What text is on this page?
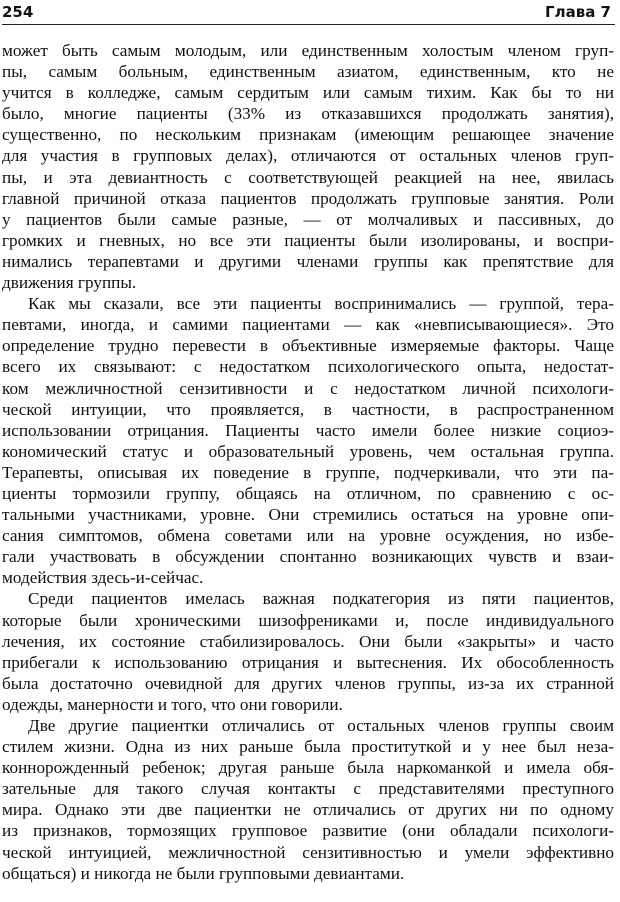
254	Глава 7
может быть самым молодым, или единственным холостым членом груп-
пы, самым больным, единственным азиатом, единственным, кто не
учится в колледже, самым сердитым или самым тихим. Как бы то ни
было, многие пациенты (33% из отказавшихся продолжать занятия),
существенно, по нескольким признакам (имеющим решающее значение
для участия в групповых делах), отличаются от остальных членов груп-
пы, и эта девиантность с соответствующей реакцией на нее, явилась
главной причиной отказа пациентов продолжать групповые занятия. Роли
у пациентов были самые разные, — от молчаливых и пассивных, до
громких и гневных, но все эти пациенты были изолированы, и воспри-
нимались терапевтами и другими членами группы как препятствие для
движения группы.
Как мы сказали, все эти пациенты воспринимались — группой, тера-
певтами, иногда, и самими пациентами — как «невписывающиеся». Это
определение трудно перевести в объективные измеряемые факторы. Чаще
всего их связывают: с недостатком психологического опыта, недостат-
ком межличностной сензитивности и с недостатком личной психологи-
ческой интуиции, что проявляется, в частности, в распространенном
использовании отрицания. Пациенты часто имели более низкие социоэ-
кономический статус и образовательный уровень, чем остальная группа.
Терапевты, описывая их поведение в группе, подчеркивали, что эти па-
циенты тормозили группу, общаясь на отличном, по сравнению с ос-
тальными участниками, уровне. Они стремились остаться на уровне опи-
сания симптомов, обмена советами или на уровне осуждения, но избе-
гали участвовать в обсуждении спонтанно возникающих чувств и взаи-
модействия здесь-и-сейчас.
Среди пациентов имелась важная подкатегория из пяти пациентов,
которые были хроническими шизофрениками и, после индивидуального
лечения, их состояние стабилизировалось. Они были «закрыты» и часто
прибегали к использованию отрицания и вытеснения. Их обособленность
была достаточно очевидной для других членов группы, из-за их странной
одежды, манерности и того, что они говорили.
Две другие пациентки отличались от остальных членов группы своим
стилем жизни. Одна из них раньше была проституткой и у нее был неза-
коннорожденный ребенок; другая раньше была наркоманкой и имела обя-
зательные для такого случая контакты с представителями преступного
мира. Однако эти две пациентки не отличались от других ни по одному
из признаков, тормозящих групповое развитие (они обладали психологи-
ческой интуицией, межличностной сензитивностью и умели эффективно
общаться) и никогда не были групповыми девиантами.
